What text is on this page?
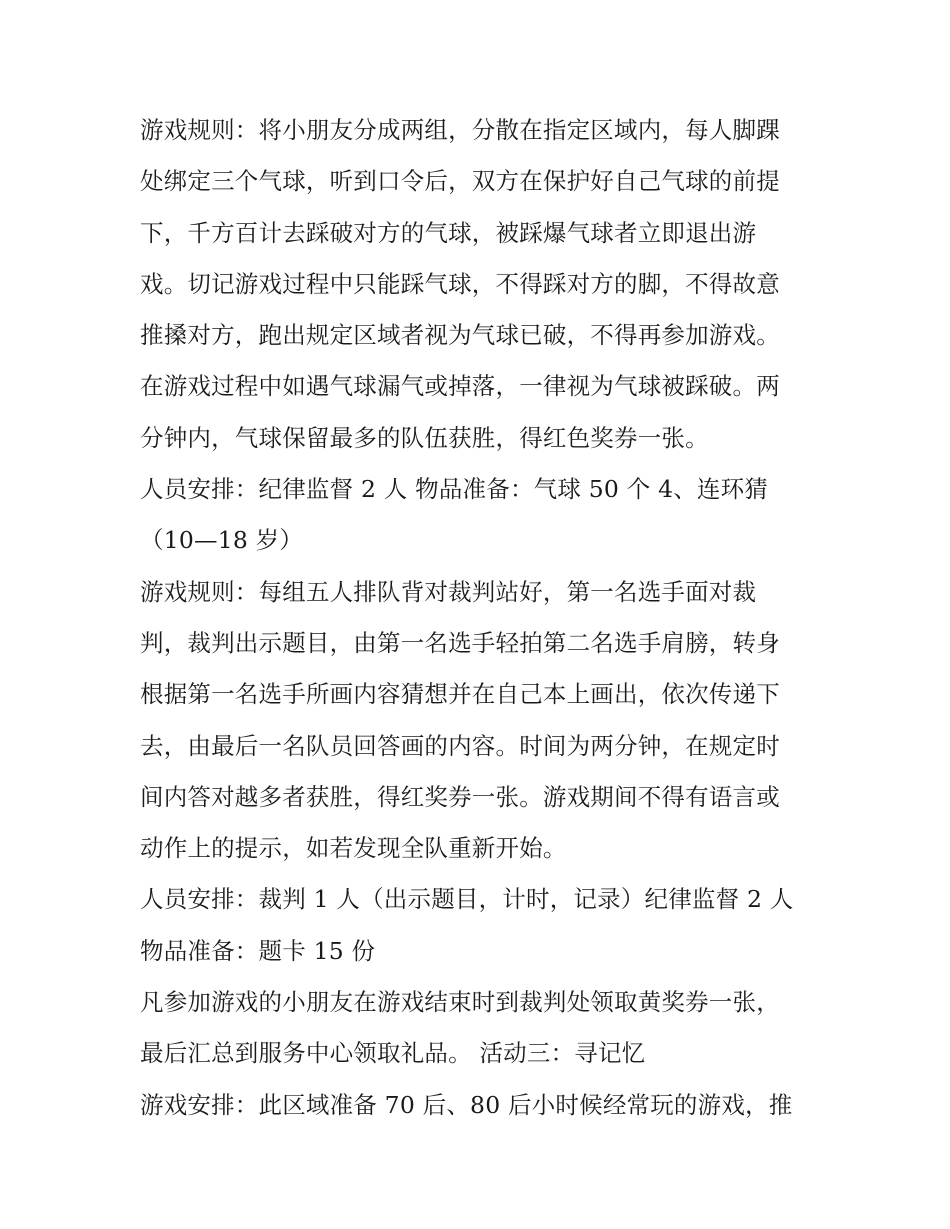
游戏规则：将小朋友分成两组，分散在指定区域内，每人脚踝
处绑定三个气球，听到口令后，双方在保护好自己气球的前提
下，千方百计去踩破对方的气球，被踩爆气球者立即退出游
戏。切记游戏过程中只能踩气球，不得踩对方的脚，不得故意
推搡对方，跑出规定区域者视为气球已破，不得再参加游戏。
在游戏过程中如遇气球漏气或掉落，一律视为气球被踩破。两
分钟内，气球保留最多的队伍获胜，得红色奖券一张。
人员安排：纪律监督 2 人 物品准备：气球 50 个 4、连环猜
（10—18 岁）
游戏规则：每组五人排队背对裁判站好，第一名选手面对裁
判，裁判出示题目，由第一名选手轻拍第二名选手肩膀，转身
根据第一名选手所画内容猜想并在自己本上画出，依次传递下
去，由最后一名队员回答画的内容。时间为两分钟，在规定时
间内答对越多者获胜，得红奖券一张。游戏期间不得有语言或
动作上的提示，如若发现全队重新开始。
人员安排：裁判 1 人（出示题目，计时，记录）纪律监督 2 人
物品准备：题卡 15 份
凡参加游戏的小朋友在游戏结束时到裁判处领取黄奖券一张，
最后汇总到服务中心领取礼品。 活动三：寻记忆
游戏安排：此区域准备 70 后、80 后小时候经常玩的游戏，推
